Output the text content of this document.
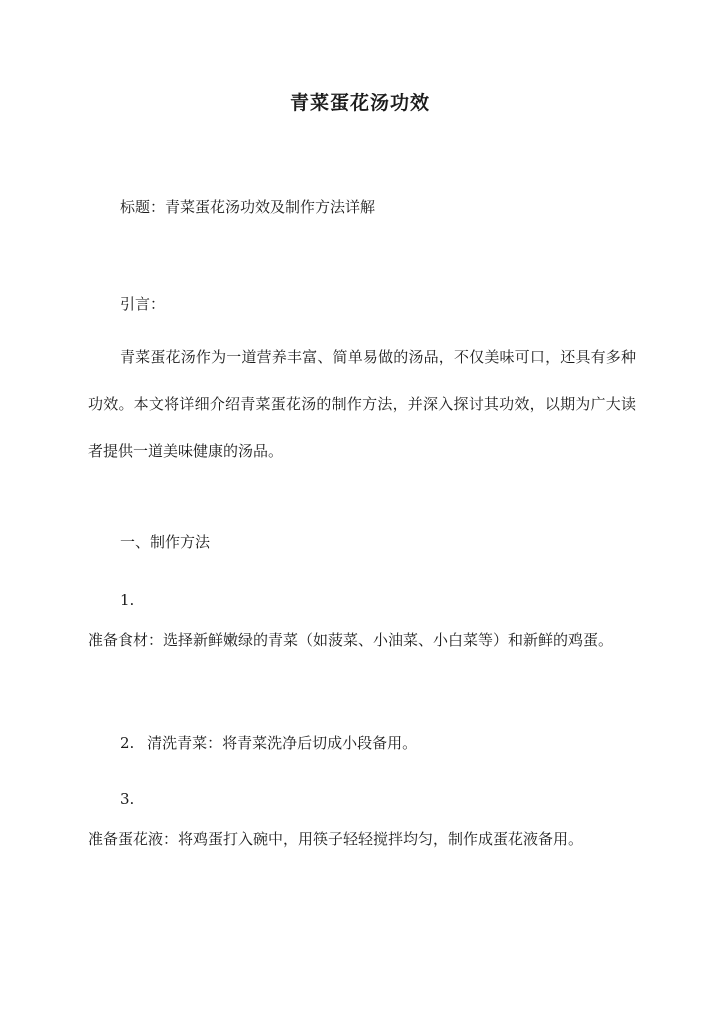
青菜蛋花汤功效
标题：青菜蛋花汤功效及制作方法详解
引言：
青菜蛋花汤作为一道营养丰富、简单易做的汤品，不仅美味可口，还具有多种功效。本文将详细介绍青菜蛋花汤的制作方法，并深入探讨其功效，以期为广大读者提供一道美味健康的汤品。
一、制作方法
1.
准备食材：选择新鲜嫩绿的青菜（如菠菜、小油菜、小白菜等）和新鲜的鸡蛋。
2. 清洗青菜：将青菜洗净后切成小段备用。
3.
准备蛋花液：将鸡蛋打入碗中，用筷子轻轻搅拌均匀，制作成蛋花液备用。
